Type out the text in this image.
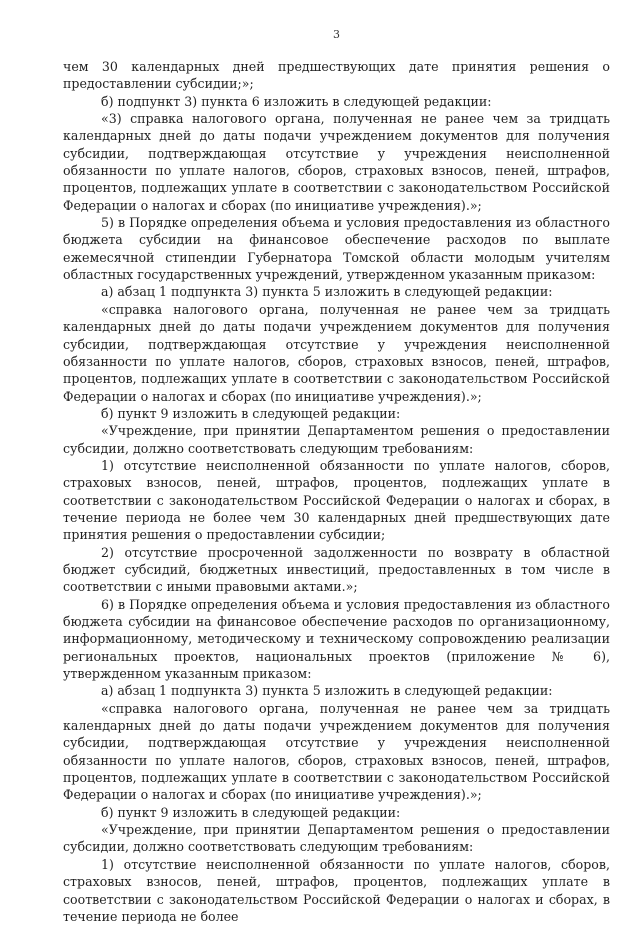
3

чем 30 календарных дней предшествующих дате принятия решения о предоставлении субсидии;»;

б) подпункт 3) пункта 6 изложить в следующей редакции:

«3) справка налогового органа, полученная не ранее чем за тридцать календарных дней до даты подачи учреждением документов для получения субсидии, подтверждающая отсутствие у учреждения неисполненной обязанности по уплате налогов, сборов, страховых взносов, пеней, штрафов, процентов, подлежащих уплате в соответствии с законодательством Российской Федерации о налогах и сборах (по инициативе учреждения).»;

5) в Порядке определения объема и условия предоставления из областного бюджета субсидии на финансовое обеспечение расходов по выплате ежемесячной стипендии Губернатора Томской области молодым учителям областных государственных учреждений, утвержденном указанным приказом:

а) абзац 1 подпункта 3) пункта 5 изложить в следующей редакции:

«справка налогового органа, полученная не ранее чем за тридцать календарных дней до даты подачи учреждением документов для получения субсидии, подтверждающая отсутствие у учреждения неисполненной обязанности по уплате налогов, сборов, страховых взносов, пеней, штрафов, процентов, подлежащих уплате в соответствии с законодательством Российской Федерации о налогах и сборах (по инициативе учреждения).»;

б) пункт 9 изложить в следующей редакции:

«Учреждение, при принятии Департаментом решения о предоставлении субсидии, должно соответствовать следующим требованиям:

1) отсутствие неисполненной обязанности по уплате налогов, сборов, страховых взносов, пеней, штрафов, процентов, подлежащих уплате в соответствии с законодательством Российской Федерации о налогах и сборах, в течение периода не более чем 30 календарных дней предшествующих дате принятия решения о предоставлении субсидии;

2) отсутствие просроченной задолженности по возврату в областной бюджет субсидий, бюджетных инвестиций, предоставленных в том числе в соответствии с иными правовыми актами.»;

6) в Порядке определения объема и условия предоставления из областного бюджета субсидии на финансовое обеспечение расходов по организационному, информационному, методическому и техническому сопровождению реализации региональных проектов, национальных проектов (приложение № 6), утвержденном указанным приказом:

а) абзац 1 подпункта 3) пункта 5 изложить в следующей редакции:

«справка налогового органа, полученная не ранее чем за тридцать календарных дней до даты подачи учреждением документов для получения субсидии, подтверждающая отсутствие у учреждения неисполненной обязанности по уплате налогов, сборов, страховых взносов, пеней, штрафов, процентов, подлежащих уплате в соответствии с законодательством Российской Федерации о налогах и сборах (по инициативе учреждения).»;

б) пункт 9 изложить в следующей редакции:

«Учреждение, при принятии Департаментом решения о предоставлении субсидии, должно соответствовать следующим требованиям:

1) отсутствие неисполненной обязанности по уплате налогов, сборов, страховых взносов, пеней, штрафов, процентов, подлежащих уплате в соответствии с законодательством Российской Федерации о налогах и сборах, в течение периода не более
